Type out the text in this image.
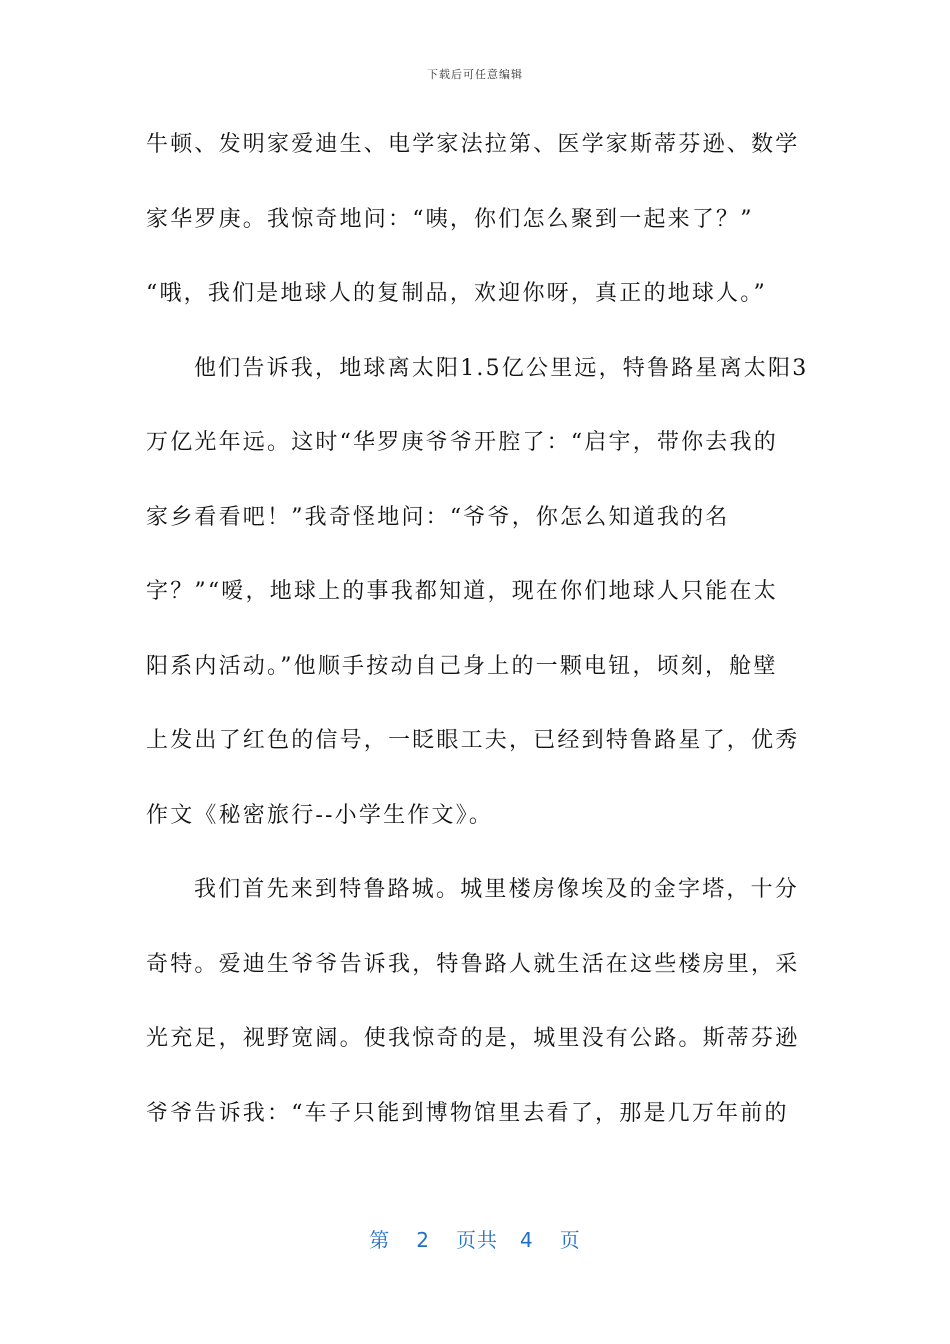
下载后可任意编辑
牛顿、发明家爱迪生、电学家法拉第、医学家斯蒂芬逊、数学
家华罗庚。我惊奇地问：“咦，你们怎么聚到一起来了？”
“哦，我们是地球人的复制品，欢迎你呀，真正的地球人。”
他们告诉我，地球离太阳1.5亿公里远，特鲁路星离太阳3
万亿光年远。这时“华罗庚爷爷开腔了：“启宇，带你去我的
家乡看看吧！”我奇怪地问：“爷爷，你怎么知道我的名
字？”“嗳，地球上的事我都知道，现在你们地球人只能在太
阳系内活动。”他顺手按动自己身上的一颗电钮，顷刻，舱壁
上发出了红色的信号，一眨眼工夫，已经到特鲁路星了，优秀
作文《秘密旅行--小学生作文》。
我们首先来到特鲁路城。城里楼房像埃及的金字塔，十分
奇特。爱迪生爷爷告诉我，特鲁路人就生活在这些楼房里，采
光充足，视野宽阔。使我惊奇的是，城里没有公路。斯蒂芬逊
爷爷告诉我：“车子只能到博物馆里去看了，那是几万年前的
第 2 页共 4 页
